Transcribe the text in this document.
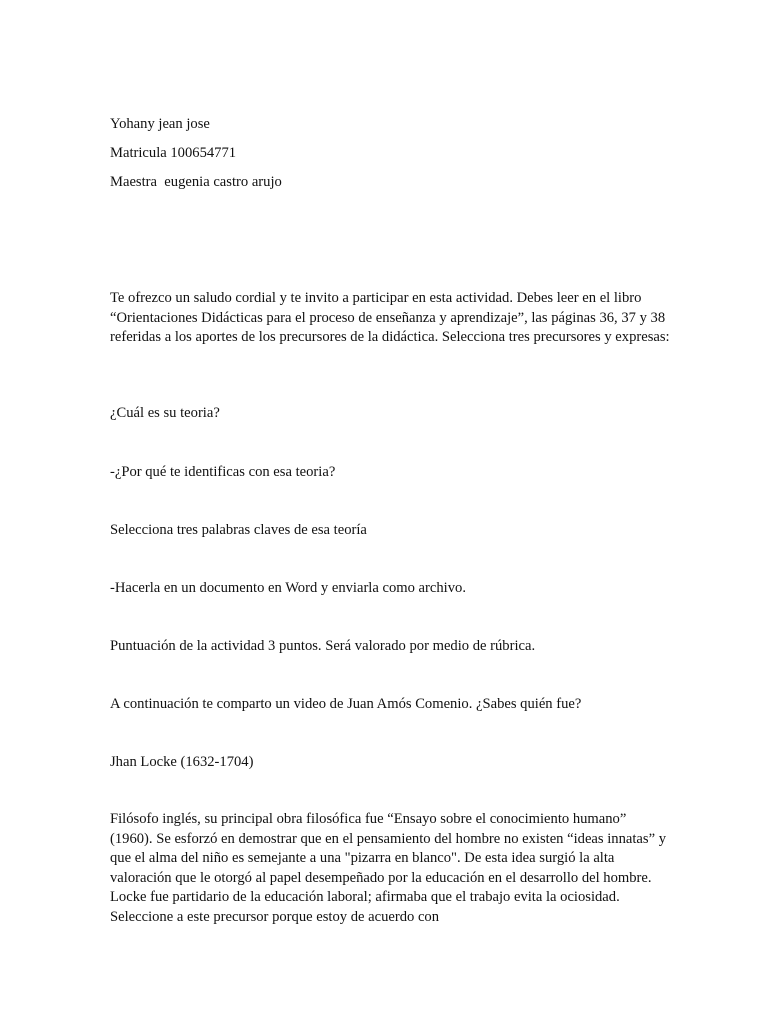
Yohany jean jose

Matricula 100654771

Maestra  eugenia castro arujo

Te ofrezco un saludo cordial y te invito a participar en esta actividad. Debes leer en el libro “Orientaciones Didácticas para el proceso de enseñanza y aprendizaje”, las páginas 36, 37 y 38 referidas a los aportes de los precursores de la didáctica. Selecciona tres precursores y expresas:

¿Cuál es su teoria?

-¿Por qué te identificas con esa teoria?

Selecciona tres palabras claves de esa teoría

-Hacerla en un documento en Word y enviarla como archivo.

Puntuación de la actividad 3 puntos. Será valorado por medio de rúbrica.

A continuación te comparto un video de Juan Amós Comenio. ¿Sabes quién fue?

Jhan Locke (1632-1704)

Filósofo inglés, su principal obra filosófica fue “Ensayo sobre el conocimiento humano” (1960). Se esforzó en demostrar que en el pensamiento del hombre no existen “ideas innatas” y que el alma del niño es semejante a una "pizarra en blanco". De esta idea surgió la alta valoración que le otorgó al papel desempeñado por la educación en el desarrollo del hombre. Locke fue partidario de la educación laboral; afirmaba que el trabajo evita la ociosidad. Seleccione a este precursor porque estoy de acuerdo con
